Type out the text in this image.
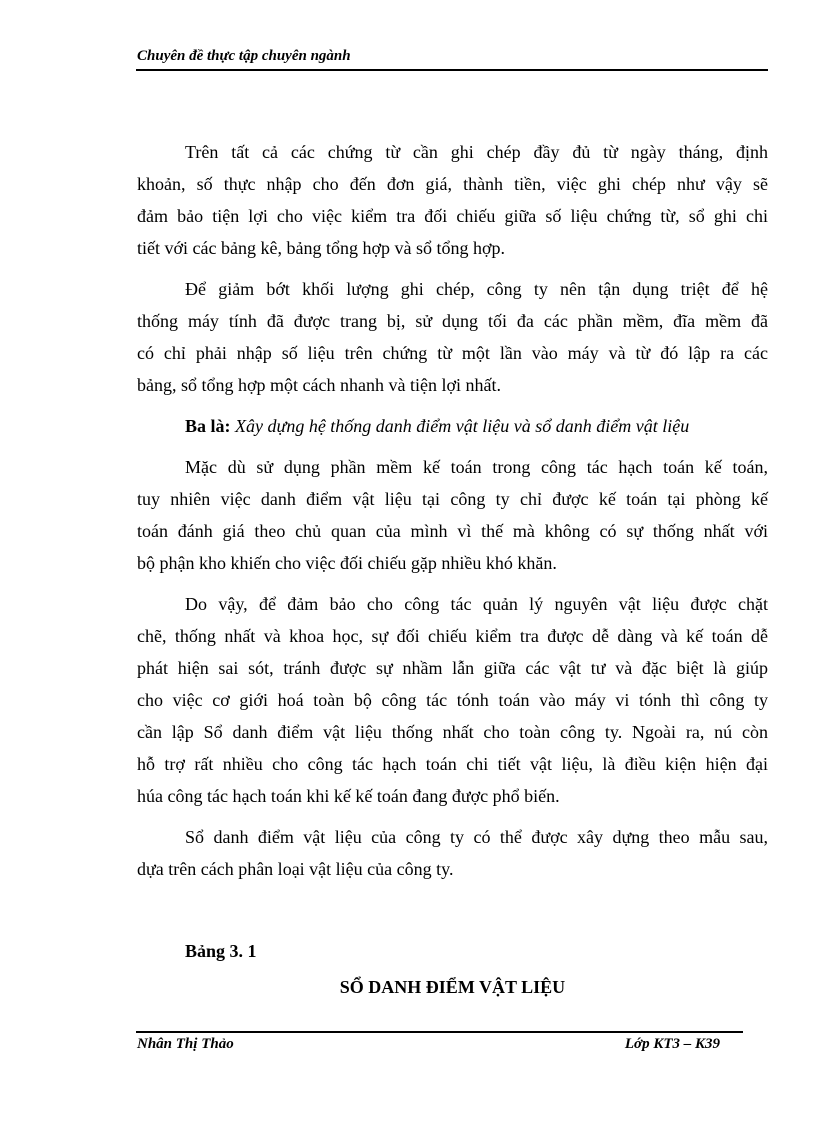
Chuyên đề thực tập chuyên ngành
Ba là: Xây dựng hệ thống danh điểm vật liệu và sổ danh điểm vật liệu
Bảng 3. 1
SỔ DANH ĐIỂM VẬT LIỆU
Trên tất cả các chứng từ cần ghi chép đầy đủ từ ngày tháng, định
khoản, số thực nhập cho đến đơn giá, thành tiền, việc ghi chép như vậy sẽ
đảm bảo tiện lợi cho việc kiểm tra đối chiếu giữa số liệu chứng từ, sổ ghi chi
tiết với các bảng kê, bảng tổng hợp và sổ tổng hợp.
Để giảm bớt khối lượng ghi chép, công ty nên tận dụng triệt để hệ
thống máy tính đã được trang bị, sử dụng tối đa các phần mềm, đĩa mềm đã
có chỉ phải nhập số liệu trên chứng từ một lần vào máy và từ đó lập ra các
bảng, sổ tổng hợp một cách nhanh và tiện lợi nhất.
Mặc dù sử dụng phần mềm kế toán trong công tác hạch toán kế toán,
tuy nhiên việc danh điểm vật liệu tại công ty chỉ được kế toán tại phòng kế
toán đánh giá theo chủ quan của mình vì thế mà không có sự thống nhất với
bộ phận kho khiến cho việc đối chiếu gặp nhiều khó khăn.
Do vậy, để đảm bảo cho công tác quản lý nguyên vật liệu được chặt
chẽ, thống nhất và khoa học, sự đối chiếu kiểm tra được dễ dàng và kế toán dễ
phát hiện sai sót, tránh được sự nhầm lẫn giữa các vật tư và đặc biệt là giúp
cho việc cơ giới hoá toàn bộ công tác tónh toán vào máy vi tónh thì công ty
cần lập Sổ danh điểm vật liệu thống nhất cho toàn công ty. Ngoài ra, nú còn
hỗ trợ rất nhiều cho công tác hạch toán chi tiết vật liệu, là điều kiện hiện đại
húa công tác hạch toán khi kế kế toán đang được phổ biến.
Sổ danh điểm vật liệu của công ty có thể được xây dựng theo mẫu sau,
dựa trên cách phân loại vật liệu của công ty.
Nhân Thị Thảo	Lớp KT3 – K39
